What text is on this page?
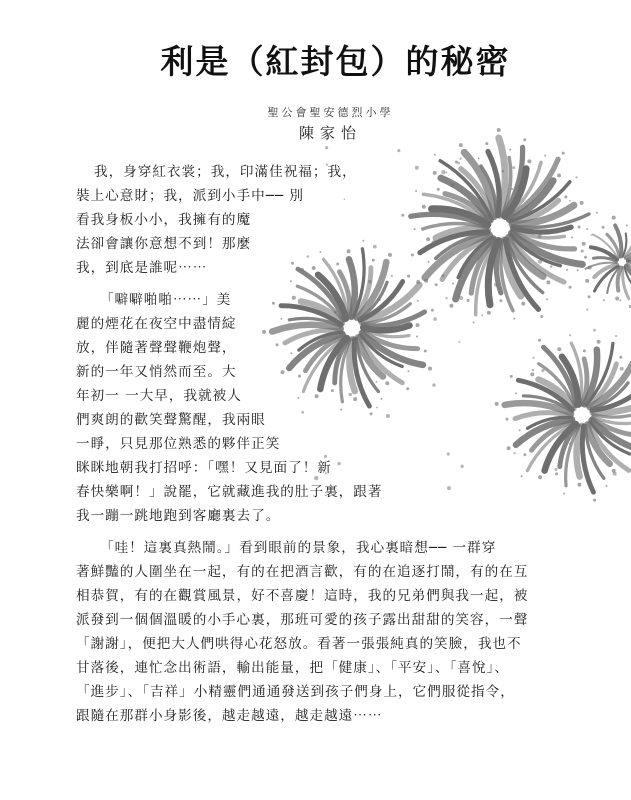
利是（紅封包）的秘密
聖公會聖安德烈小學
陳家怡
我，身穿紅衣裳；我，印滿佳祝福；我，
裝上心意財；我，派到小手中── 別
看我身板小小，我擁有的魔
法卻會讓你意想不到！那麼
我，到底是誰呢⋯⋯
「噼噼啪啪⋯⋯」美
麗的煙花在夜空中盡情綻
放，伴隨著聲聲鞭炮聲，
新的一年又悄然而至。大
年初一 一大早，我就被人
們爽朗的歡笑聲驚醒，我兩眼
一睜，只見那位熟悉的夥伴正笑
眯眯地朝我打招呼：「嘿！又見面了！新
春快樂啊！」說罷，它就藏進我的肚子裏，跟著
我一蹦一跳地跑到客廳裏去了。
「哇！這裏真熱鬧。」看到眼前的景象，我心裏暗想── 一群穿
著鮮豔的人圍坐在一起，有的在把酒言歡，有的在追逐打鬧，有的在互
相恭賀，有的在觀賞風景，好不喜慶！這時，我的兄弟們與我一起，被
派發到一個個溫暖的小手心裏，那班可愛的孩子露出甜甜的笑容，一聲
「謝謝」，便把大人們哄得心花怒放。看著一張張純真的笑臉，我也不
甘落後，連忙念出術語，輸出能量，把「健康」、「平安」、「喜悅」、
「進步」、「吉祥」小精靈們通通發送到孩子們身上，它們服從指令，
跟隨在那群小身影後，越走越遠，越走越遠⋯⋯
